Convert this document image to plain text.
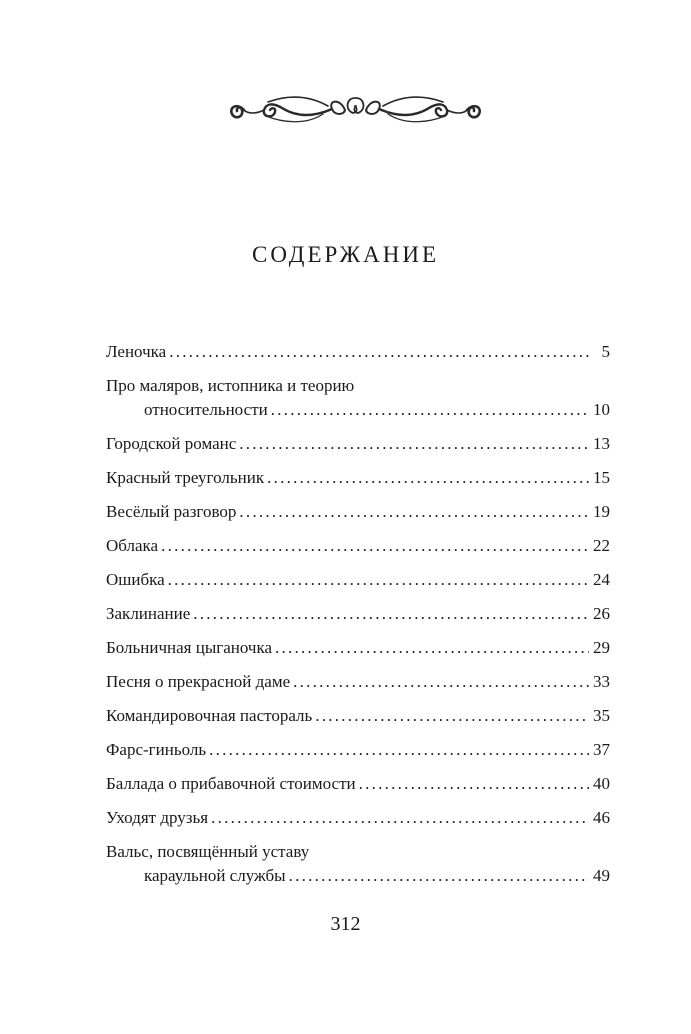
СОДЕРЖАНИЕ
Леночка . . .	5
Про маляров, истопника и теорию
относительности . . .	10
Городской романс . . .	13
Красный треугольник . . .	15
Весёлый разговор . . .	19
Облака . . .	22
Ошибка . . .	24
Заклинание . . .	26
Больничная цыганочка . . .	29
Песня о прекрасной даме . . .	33
Командировочная пастораль . . .	35
Фарс-гиньоль . . .	37
Баллада о прибавочной стоимости . . .	40
Уходят друзья . . .	46
Вальс, посвящённый уставу
караульной службы . . .	49
312
